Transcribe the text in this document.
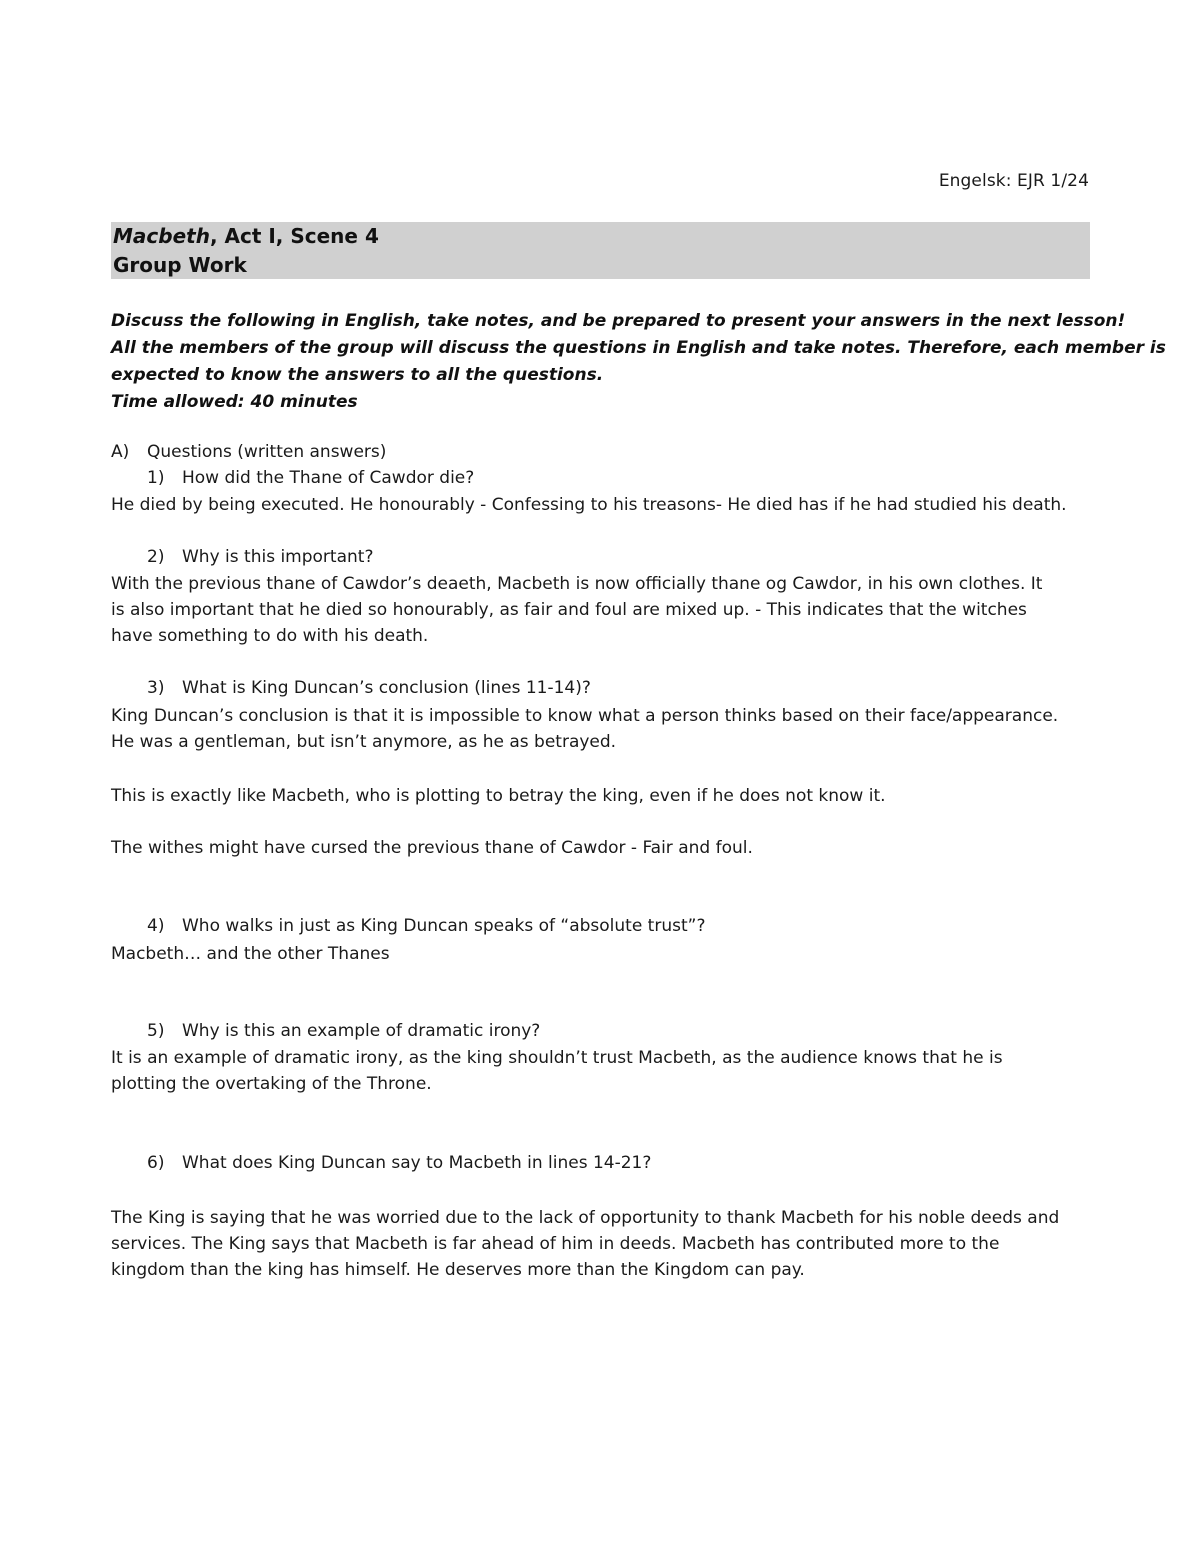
Engelsk: EJR 1/24
Macbeth, Act I, Scene 4
Group Work
Discuss the following in English, take notes, and be prepared to present your answers in the next lesson!
All the members of the group will discuss the questions in English and take notes. Therefore, each member is
expected to know the answers to all the questions.
Time allowed: 40 minutes
A) Questions (written answers)
1) How did the Thane of Cawdor die?
He died by being executed. He honourably - Confessing to his treasons- He died has if he had studied his death.
2) Why is this important?
With the previous thane of Cawdor’s deaeth, Macbeth is now officially thane og Cawdor, in his own clothes. It
is also important that he died so honourably, as fair and foul are mixed up. - This indicates that the witches
have something to do with his death.
3) What is King Duncan’s conclusion (lines 11-14)?
King Duncan’s conclusion is that it is impossible to know what a person thinks based on their face/appearance.
He was a gentleman, but isn’t anymore, as he as betrayed.
This is exactly like Macbeth, who is plotting to betray the king, even if he does not know it.
The withes might have cursed the previous thane of Cawdor - Fair and foul.
4) Who walks in just as King Duncan speaks of “absolute trust”?
Macbeth… and the other Thanes
5) Why is this an example of dramatic irony?
It is an example of dramatic irony, as the king shouldn’t trust Macbeth, as the audience knows that he is
plotting the overtaking of the Throne.
6) What does King Duncan say to Macbeth in lines 14-21?
The King is saying that he was worried due to the lack of opportunity to thank Macbeth for his noble deeds and
services. The King says that Macbeth is far ahead of him in deeds. Macbeth has contributed more to the
kingdom than the king has himself. He deserves more than the Kingdom can pay.
